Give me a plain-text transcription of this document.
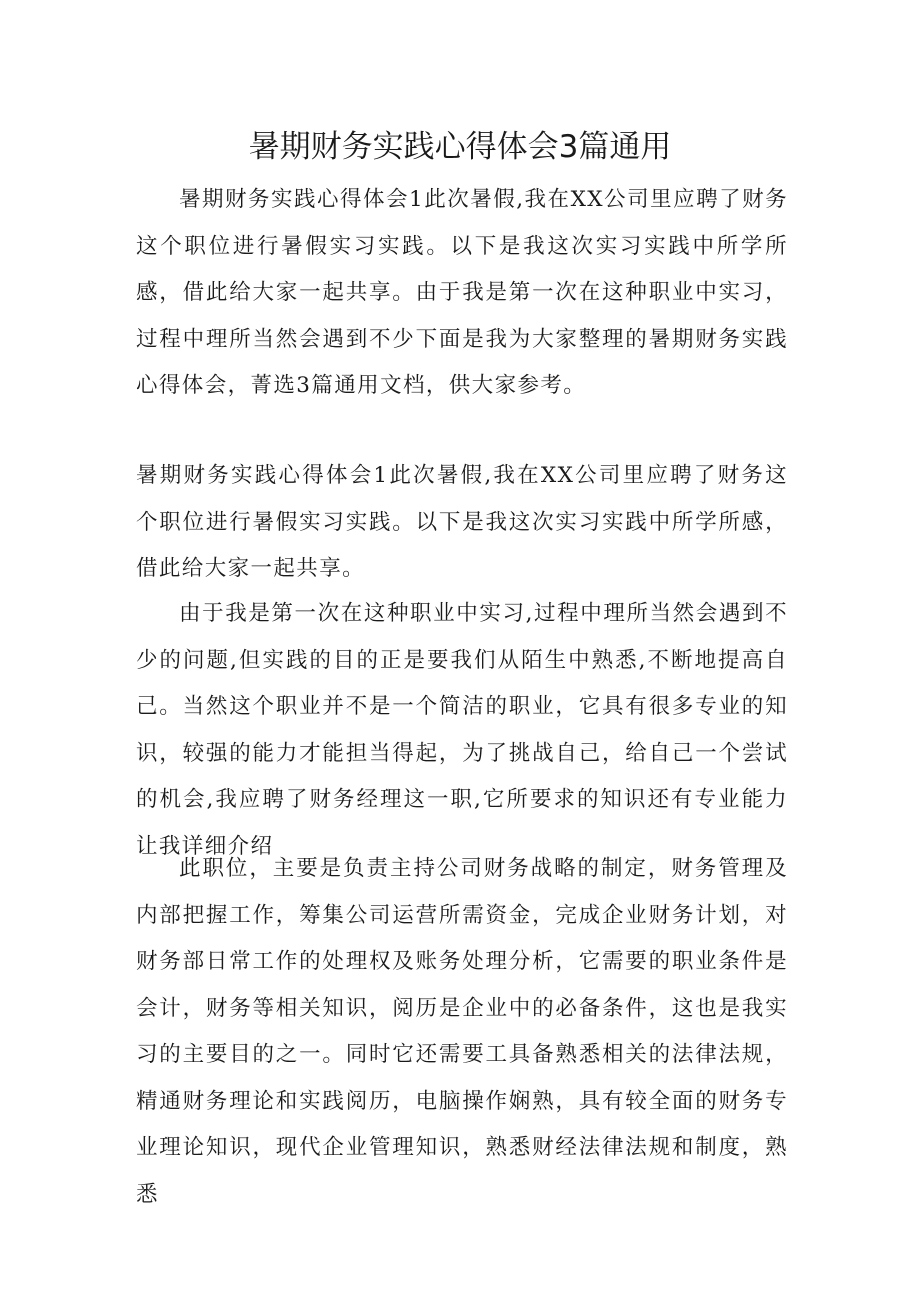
暑期财务实践心得体会3篇通用

暑期财务实践心得体会1此次暑假,我在XX公司里应聘了财务这个职位进行暑假实习实践。以下是我这次实习实践中所学所感，借此给大家一起共享。由于我是第一次在这种职业中实习，过程中理所当然会遇到不少下面是我为大家整理的暑期财务实践心得体会，菁选3篇通用文档，供大家参考。

暑期财务实践心得体会1此次暑假,我在XX公司里应聘了财务这个职位进行暑假实习实践。以下是我这次实习实践中所学所感，借此给大家一起共享。

由于我是第一次在这种职业中实习,过程中理所当然会遇到不少的问题,但实践的目的正是要我们从陌生中熟悉,不断地提高自己。当然这个职业并不是一个简洁的职业，它具有很多专业的知识，较强的能力才能担当得起，为了挑战自己，给自己一个尝试的机会,我应聘了财务经理这一职,它所要求的知识还有专业能力让我详细介绍

此职位，主要是负责主持公司财务战略的制定，财务管理及内部把握工作，筹集公司运营所需资金，完成企业财务计划，对财务部日常工作的处理权及账务处理分析，它需要的职业条件是会计，财务等相关知识，阅历是企业中的必备条件，这也是我实习的主要目的之一。同时它还需要工具备熟悉相关的法律法规，精通财务理论和实践阅历，电脑操作娴熟，具有较全面的财务专业理论知识，现代企业管理知识，熟悉财经法律法规和制度，熟悉
